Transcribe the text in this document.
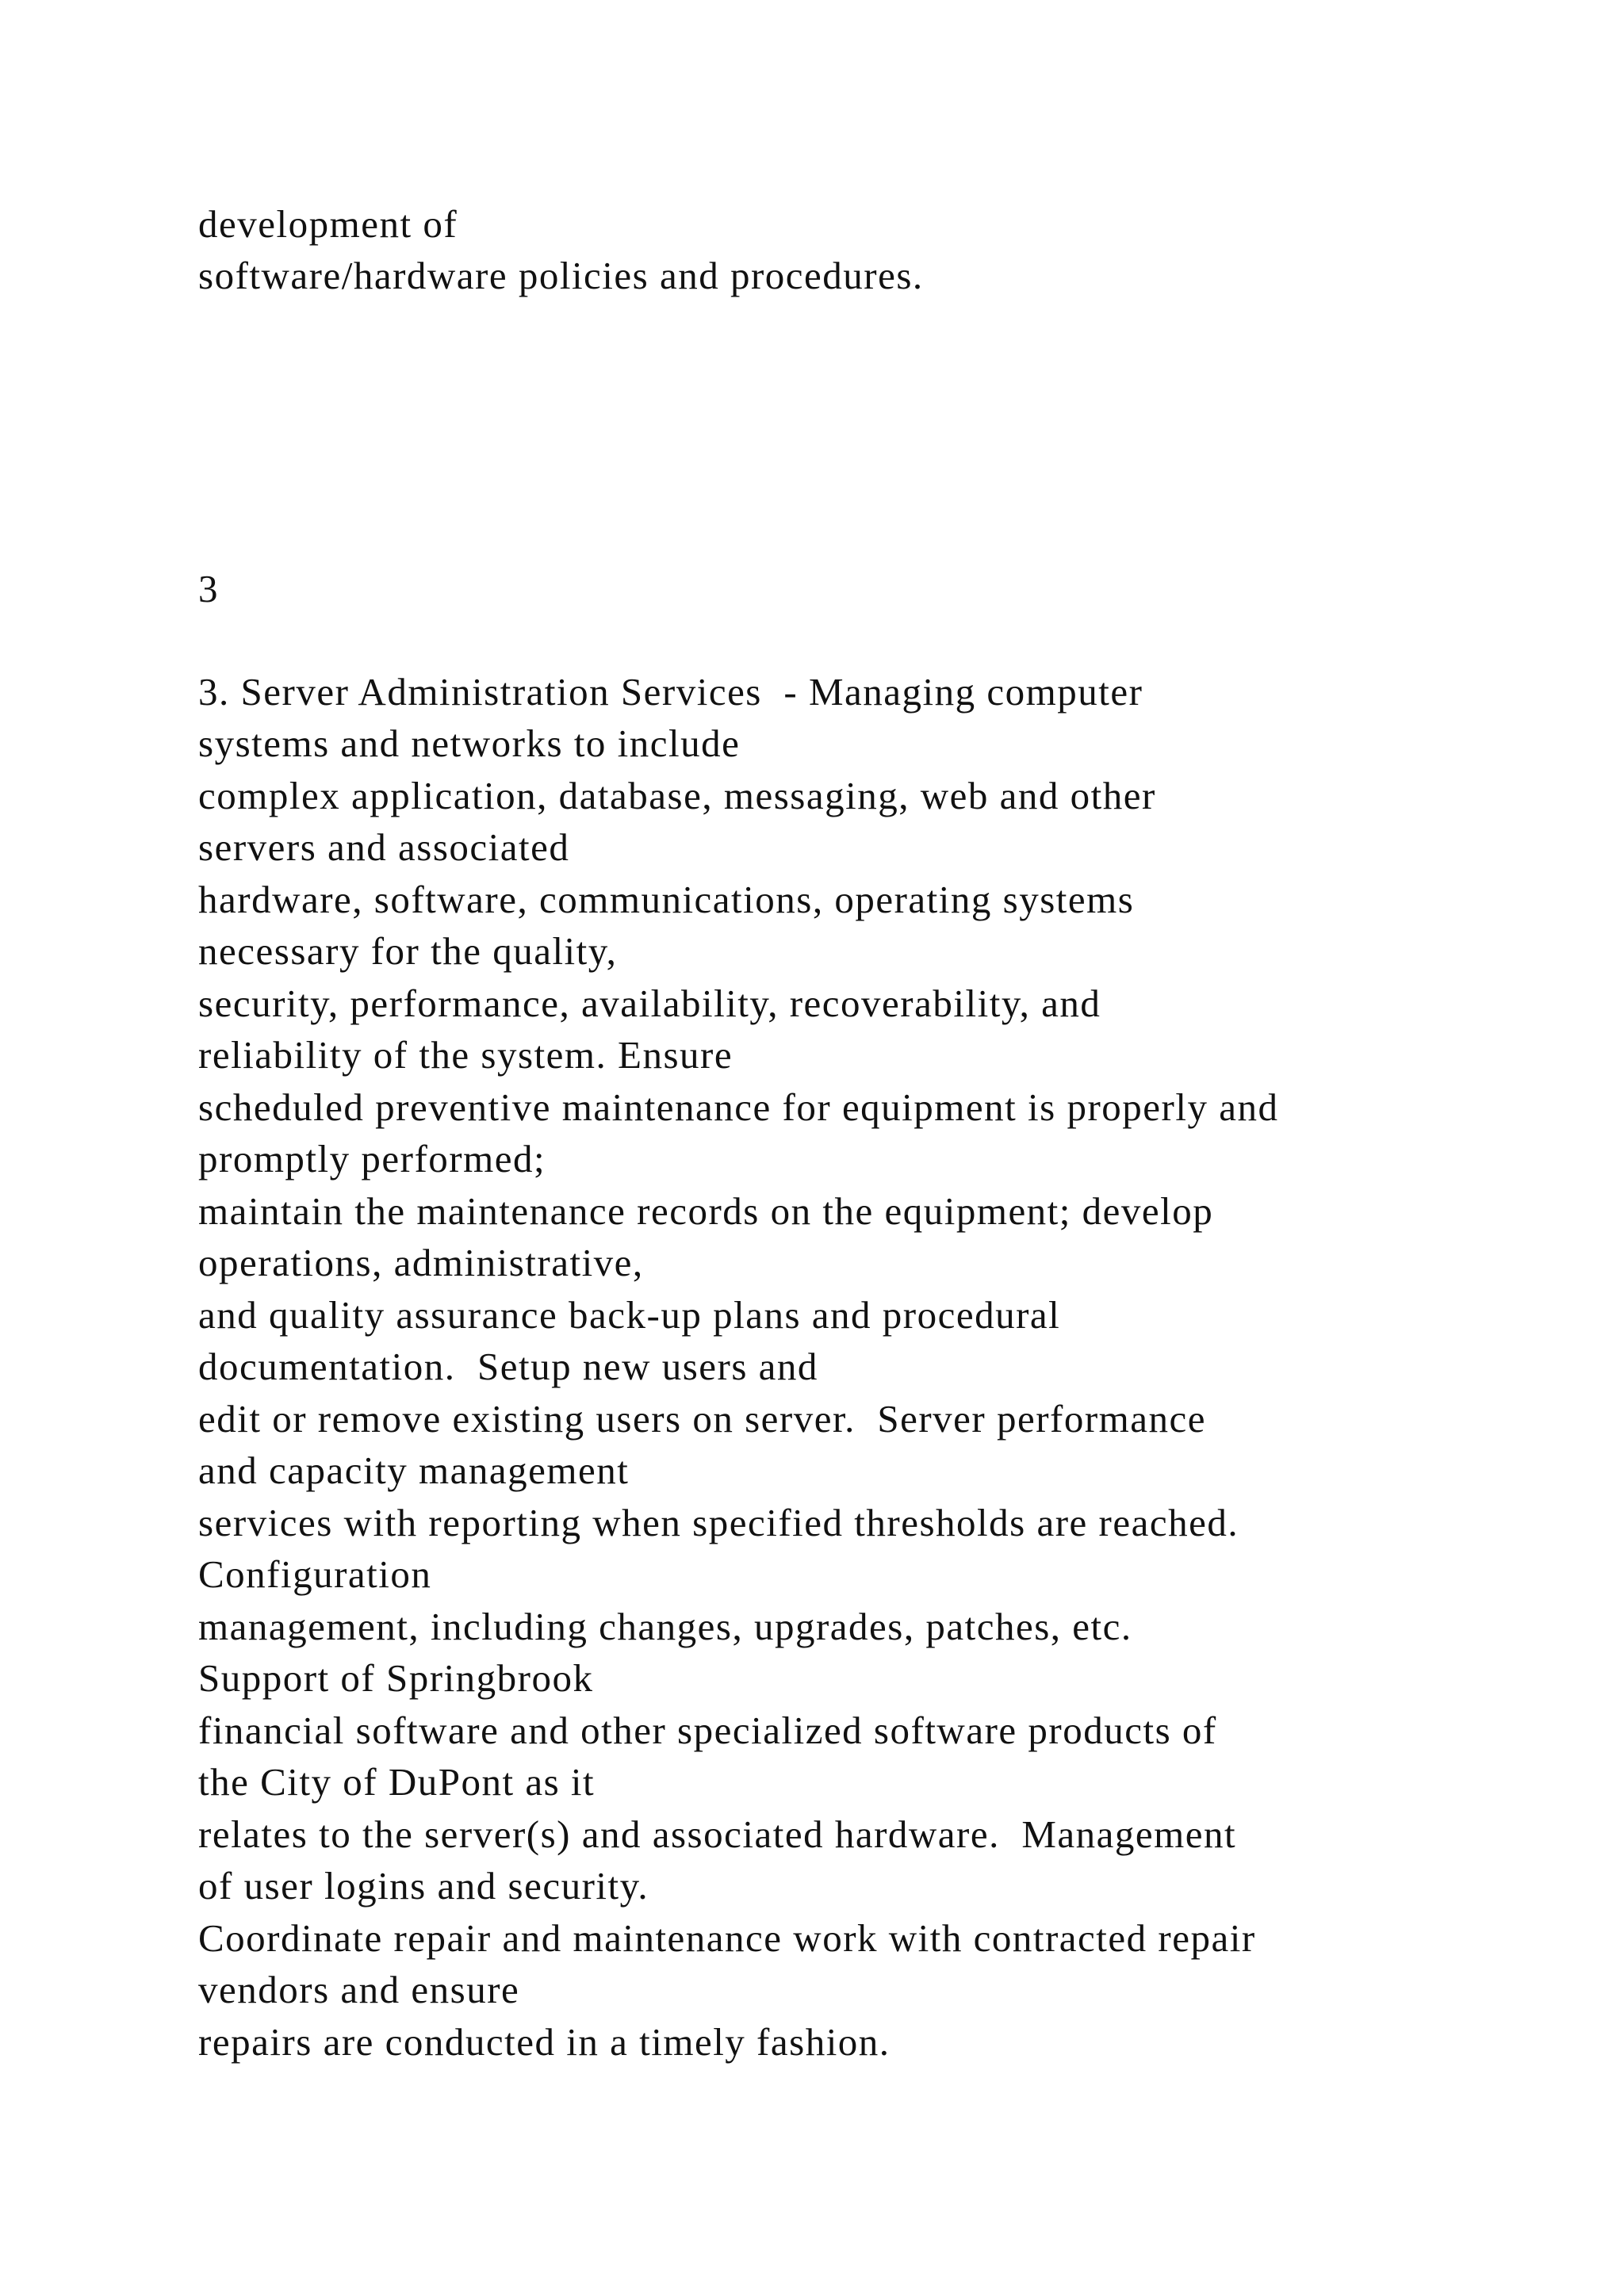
development of
software/hardware policies and procedures.
3
3. Server Administration Services  - Managing computer
systems and networks to include
complex application, database, messaging, web and other
servers and associated
hardware, software, communications, operating systems
necessary for the quality,
security, performance, availability, recoverability, and
reliability of the system. Ensure
scheduled preventive maintenance for equipment is properly and
promptly performed;
maintain the maintenance records on the equipment; develop
operations, administrative,
and quality assurance back-up plans and procedural
documentation.  Setup new users and
edit or remove existing users on server.  Server performance
and capacity management
services with reporting when specified thresholds are reached.
Configuration
management, including changes, upgrades, patches, etc.
Support of Springbrook
financial software and other specialized software products of
the City of DuPont as it
relates to the server(s) and associated hardware.  Management
of user logins and security.
Coordinate repair and maintenance work with contracted repair
vendors and ensure
repairs are conducted in a timely fashion.
